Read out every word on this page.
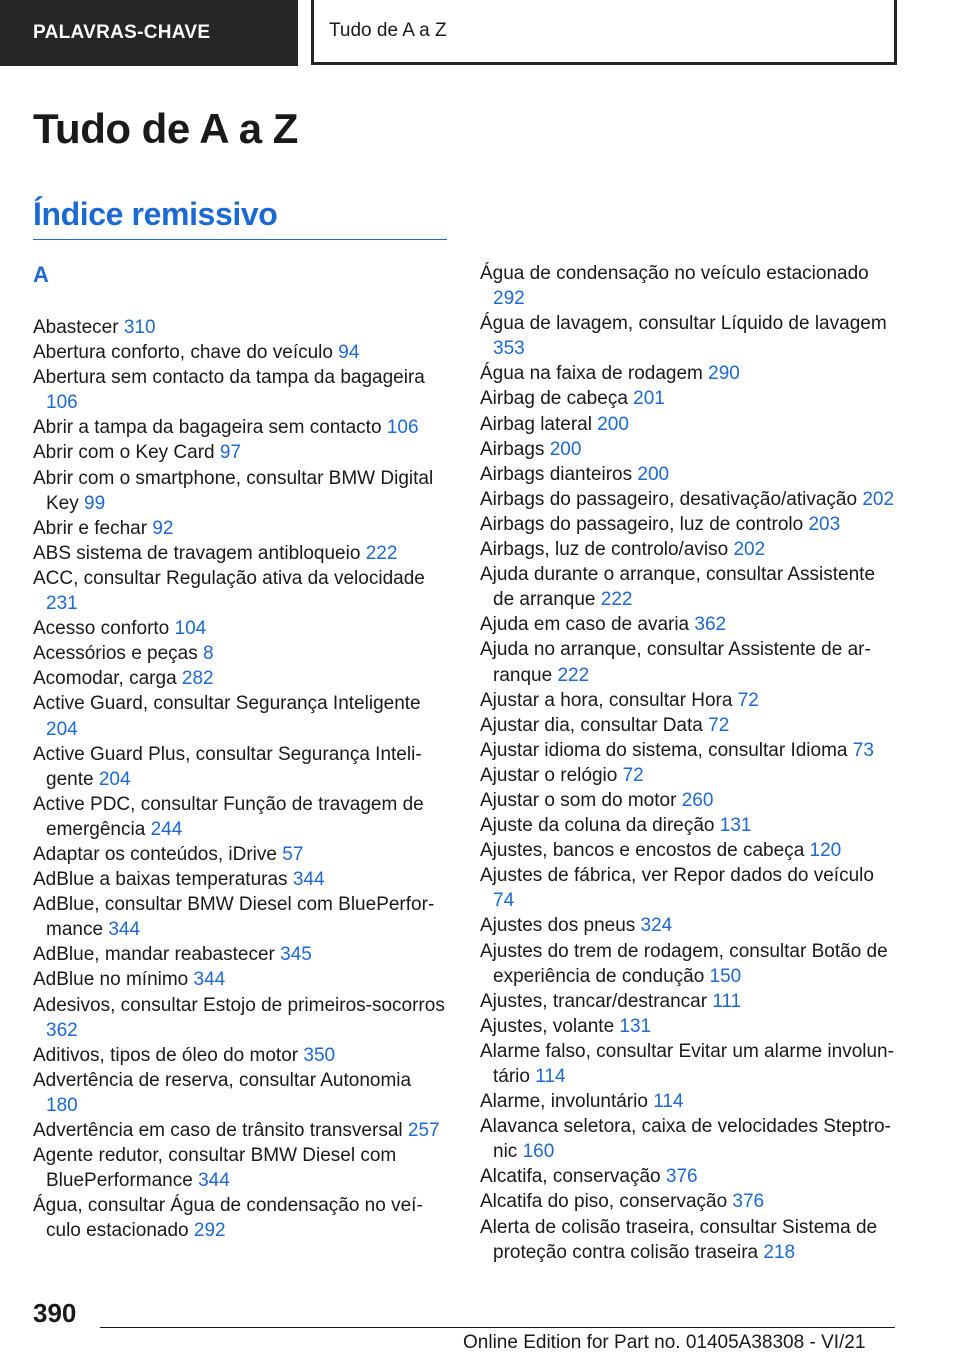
PALAVRAS-CHAVE	Tudo de A a Z
Tudo de A a Z
Índice remissivo
A
Abastecer 310
Abertura conforto, chave do veículo 94
Abertura sem contacto da tampa da bagageira 106
Abrir a tampa da bagageira sem contacto 106
Abrir com o Key Card 97
Abrir com o smartphone, consultar BMW Digital Key 99
Abrir e fechar 92
ABS sistema de travagem antibloqueio 222
ACC, consultar Regulação ativa da velocidade 231
Acesso conforto 104
Acessórios e peças 8
Acomodar, carga 282
Active Guard, consultar Segurança Inteligente 204
Active Guard Plus, consultar Segurança Inteligente 204
Active PDC, consultar Função de travagem de emergência 244
Adaptar os conteúdos, iDrive 57
AdBlue a baixas temperaturas 344
AdBlue, consultar BMW Diesel com BluePerformance 344
AdBlue, mandar reabastecer 345
AdBlue no mínimo 344
Adesivos, consultar Estojo de primeiros-socorros 362
Aditivos, tipos de óleo do motor 350
Advertência de reserva, consultar Autonomia 180
Advertência em caso de trânsito transversal 257
Agente redutor, consultar BMW Diesel com BluePerformance 344
Água, consultar Água de condensação no veículo estacionado 292
Água de condensação no veículo estacionado 292
Água de lavagem, consultar Líquido de lavagem 353
Água na faixa de rodagem 290
Airbag de cabeça 201
Airbag lateral 200
Airbags 200
Airbags dianteiros 200
Airbags do passageiro, desativação/ativação 202
Airbags do passageiro, luz de controlo 203
Airbags, luz de controlo/aviso 202
Ajuda durante o arranque, consultar Assistente de arranque 222
Ajuda em caso de avaria 362
Ajuda no arranque, consultar Assistente de arranque 222
Ajustar a hora, consultar Hora 72
Ajustar dia, consultar Data 72
Ajustar idioma do sistema, consultar Idioma 73
Ajustar o relógio 72
Ajustar o som do motor 260
Ajuste da coluna da direção 131
Ajustes, bancos e encostos de cabeça 120
Ajustes de fábrica, ver Repor dados do veículo 74
Ajustes dos pneus 324
Ajustes do trem de rodagem, consultar Botão de experiência de condução 150
Ajustes, trancar/destrancar 111
Ajustes, volante 131
Alarme falso, consultar Evitar um alarme involuntário 114
Alarme, involuntário 114
Alavanca seletora, caixa de velocidades Steptronic 160
Alcatifa, conservação 376
Alcatifa do piso, conservação 376
Alerta de colisão traseira, consultar Sistema de proteção contra colisão traseira 218
390
Online Edition for Part no. 01405A38308 - VI/21
